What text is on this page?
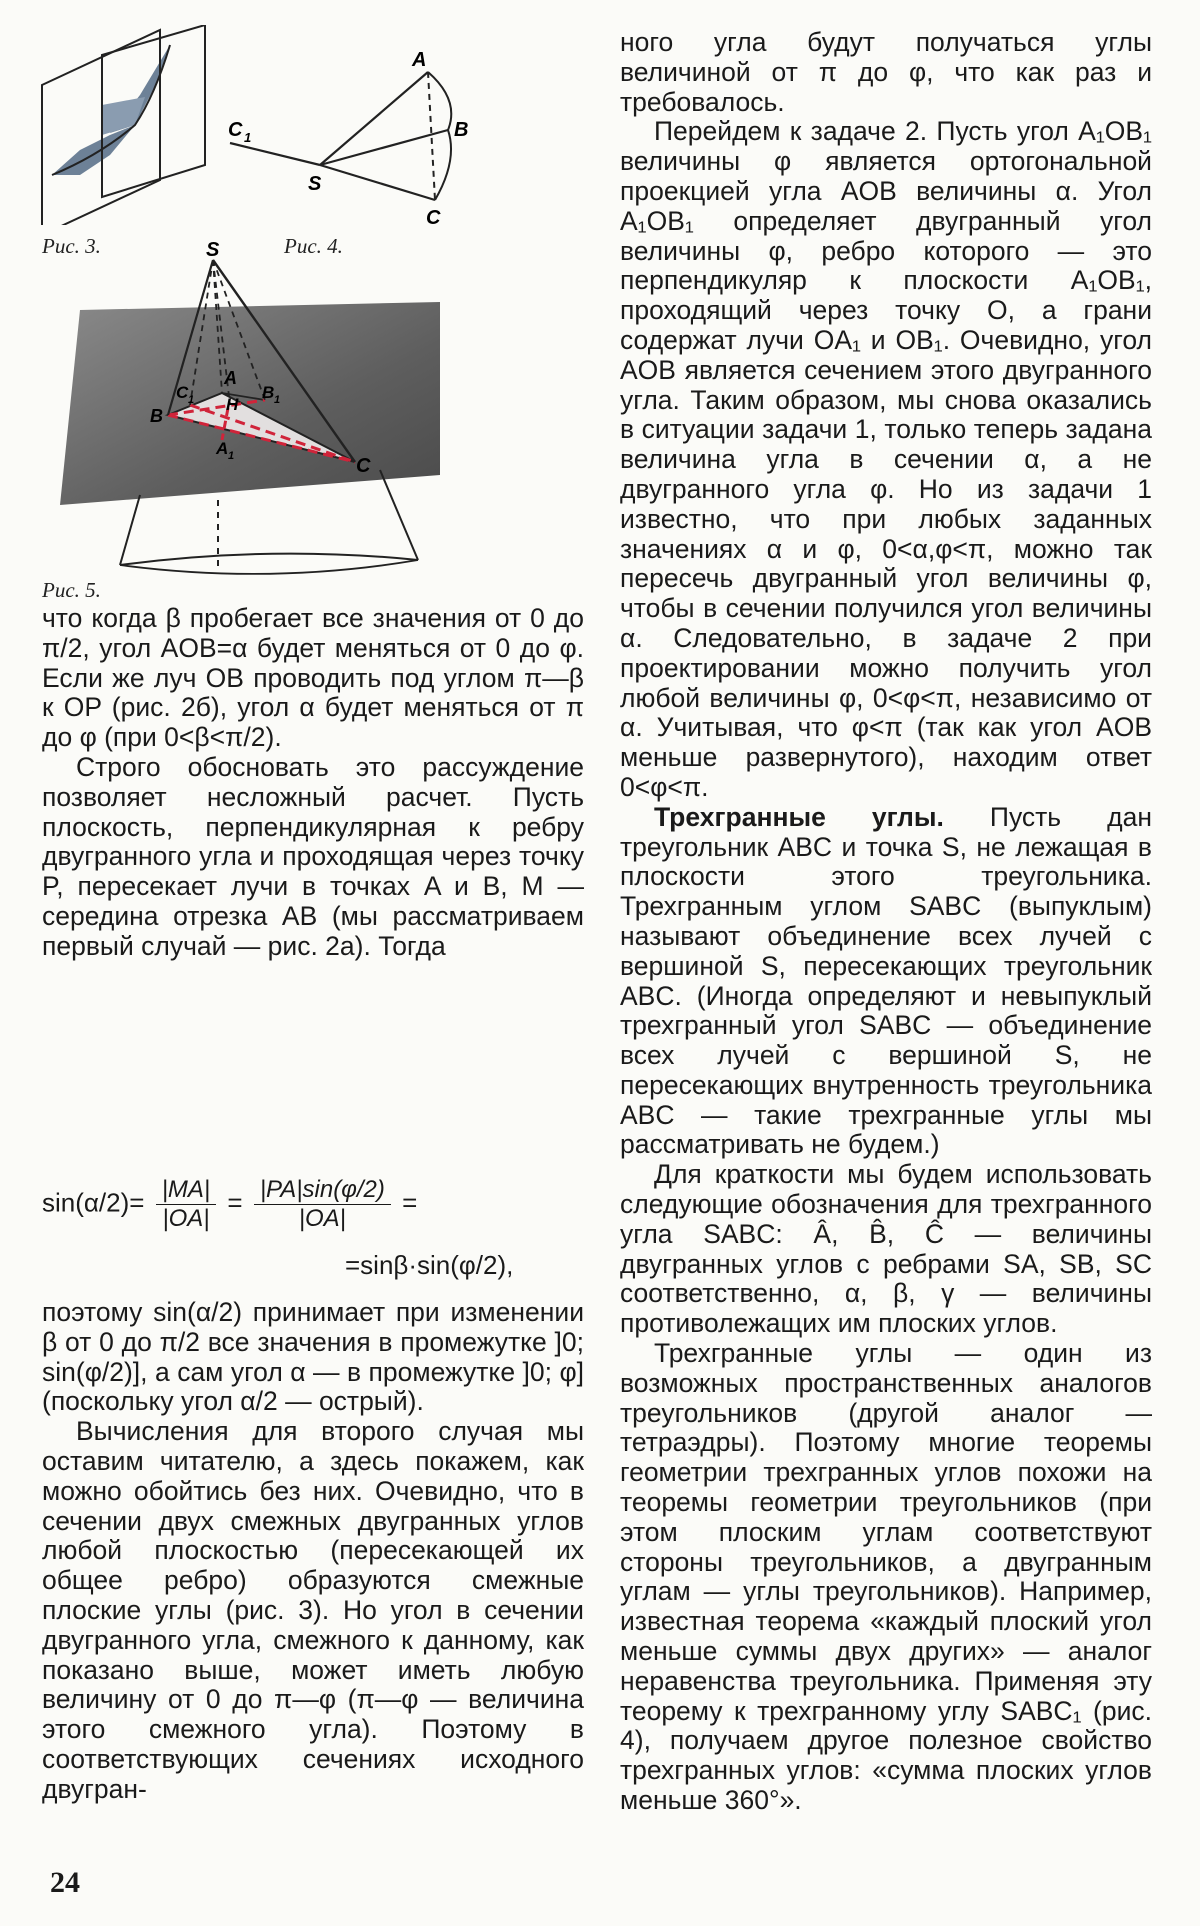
Рис. 3.
A
B
C
S
C 1
Рис. 4.
S
A
B
C
H
C 1	B 1
A 1
Рис. 5.

что когда β пробегает все значения от 0 до π/2, угол AOB=α будет меняться от 0 до φ. Если же луч OB проводить под углом π—β к OP (рис. 2б), угол α будет меняться от π до φ (при 0<β<π/2).

Строго обосновать это рассуждение позволяет несложный расчет. Пусть плоскость, перпендикулярная к ребру двугранного угла и проходящая через точку P, пересекает лучи в точках A и B, M — середина отрезка AB (мы рассматриваем первый случай — рис. 2а). Тогда

$\sin(\alpha/2)= \frac{|MA|}{|OA|} = \frac{|PA|\sin(\varphi/2)}{|OA|}$ =
=sinβ·sin(φ/2),

поэтому sin(α/2) принимает при изменении β от 0 до π/2 все значения в промежутке ]0; sin(φ/2)], а сам угол α — в промежутке ]0; φ] (поскольку угол α/2 — острый).

Вычисления для второго случая мы оставим читателю, а здесь покажем, как можно обойтись без них. Очевидно, что в сечении двух смежных двугранных углов любой плоскостью (пересекающей их общее ребро) образуются смежные плоские углы (рис. 3). Но угол в сечении двугранного угла, смежного к данному, как показано выше, может иметь любую величину от 0 до π—φ (π—φ — величина этого смежного угла). Поэтому в соответствующих сечениях исходного двугран-

ного угла будут получаться углы величиной от π до φ, что как раз и требовалось.

Перейдем к задаче 2. Пусть угол A₁OB₁ величины φ является ортогональной проекцией угла AOB величины α. Угол A₁OB₁ определяет двугранный угол величины φ, ребро которого — это перпендикуляр к плоскости A₁OB₁, проходящий через точку O, а грани содержат лучи OA₁ и OB₁. Очевидно, угол AOB является сечением этого двугранного угла. Таким образом, мы снова оказались в ситуации задачи 1, только теперь задана величина угла в сечении α, а не двугранного угла φ. Но из задачи 1 известно, что при любых заданных значениях α и φ, 0<α,φ<π, можно так пересечь двугранный угол величины φ, чтобы в сечении получился угол величины α. Следовательно, в задаче 2 при проектировании можно получить угол любой величины φ, 0<φ<π, независимо от α. Учитывая, что φ<π (так как угол AOB меньше развернутого), находим ответ 0<φ<π.

Трехгранные углы. Пусть дан треугольник ABC и точка S, не лежащая в плоскости этого треугольника. Трехгранным углом SABC (выпуклым) называют объединение всех лучей с вершиной S, пересекающих треугольник ABC. (Иногда определяют и невыпуклый трехгранный угол SABC — объединение всех лучей с вершиной S, не пересекающих внутренность треугольника ABC — такие трехгранные углы мы рассматривать не будем.)

Для краткости мы будем использовать следующие обозначения для трехгранного угла SABC: Â, B̂, Ĉ — величины двугранных углов с ребрами SA, SB, SC соответственно, α, β, γ — величины противолежащих им плоских углов.

Трехгранные углы — один из возможных пространственных аналогов треугольников (другой аналог — тетраэдры). Поэтому многие теоремы геометрии трехгранных углов похожи на теоремы геометрии треугольников (при этом плоским углам соответствуют стороны треугольников, а двугранным углам — углы треугольников). Например, известная теорема «каждый плоский угол меньше суммы двух других» — аналог неравенства треугольника. Применяя эту теорему к трехгранному углу SABC₁ (рис. 4), получаем другое полезное свойство трехгранных углов: «сумма плоских углов меньше 360°».

24
